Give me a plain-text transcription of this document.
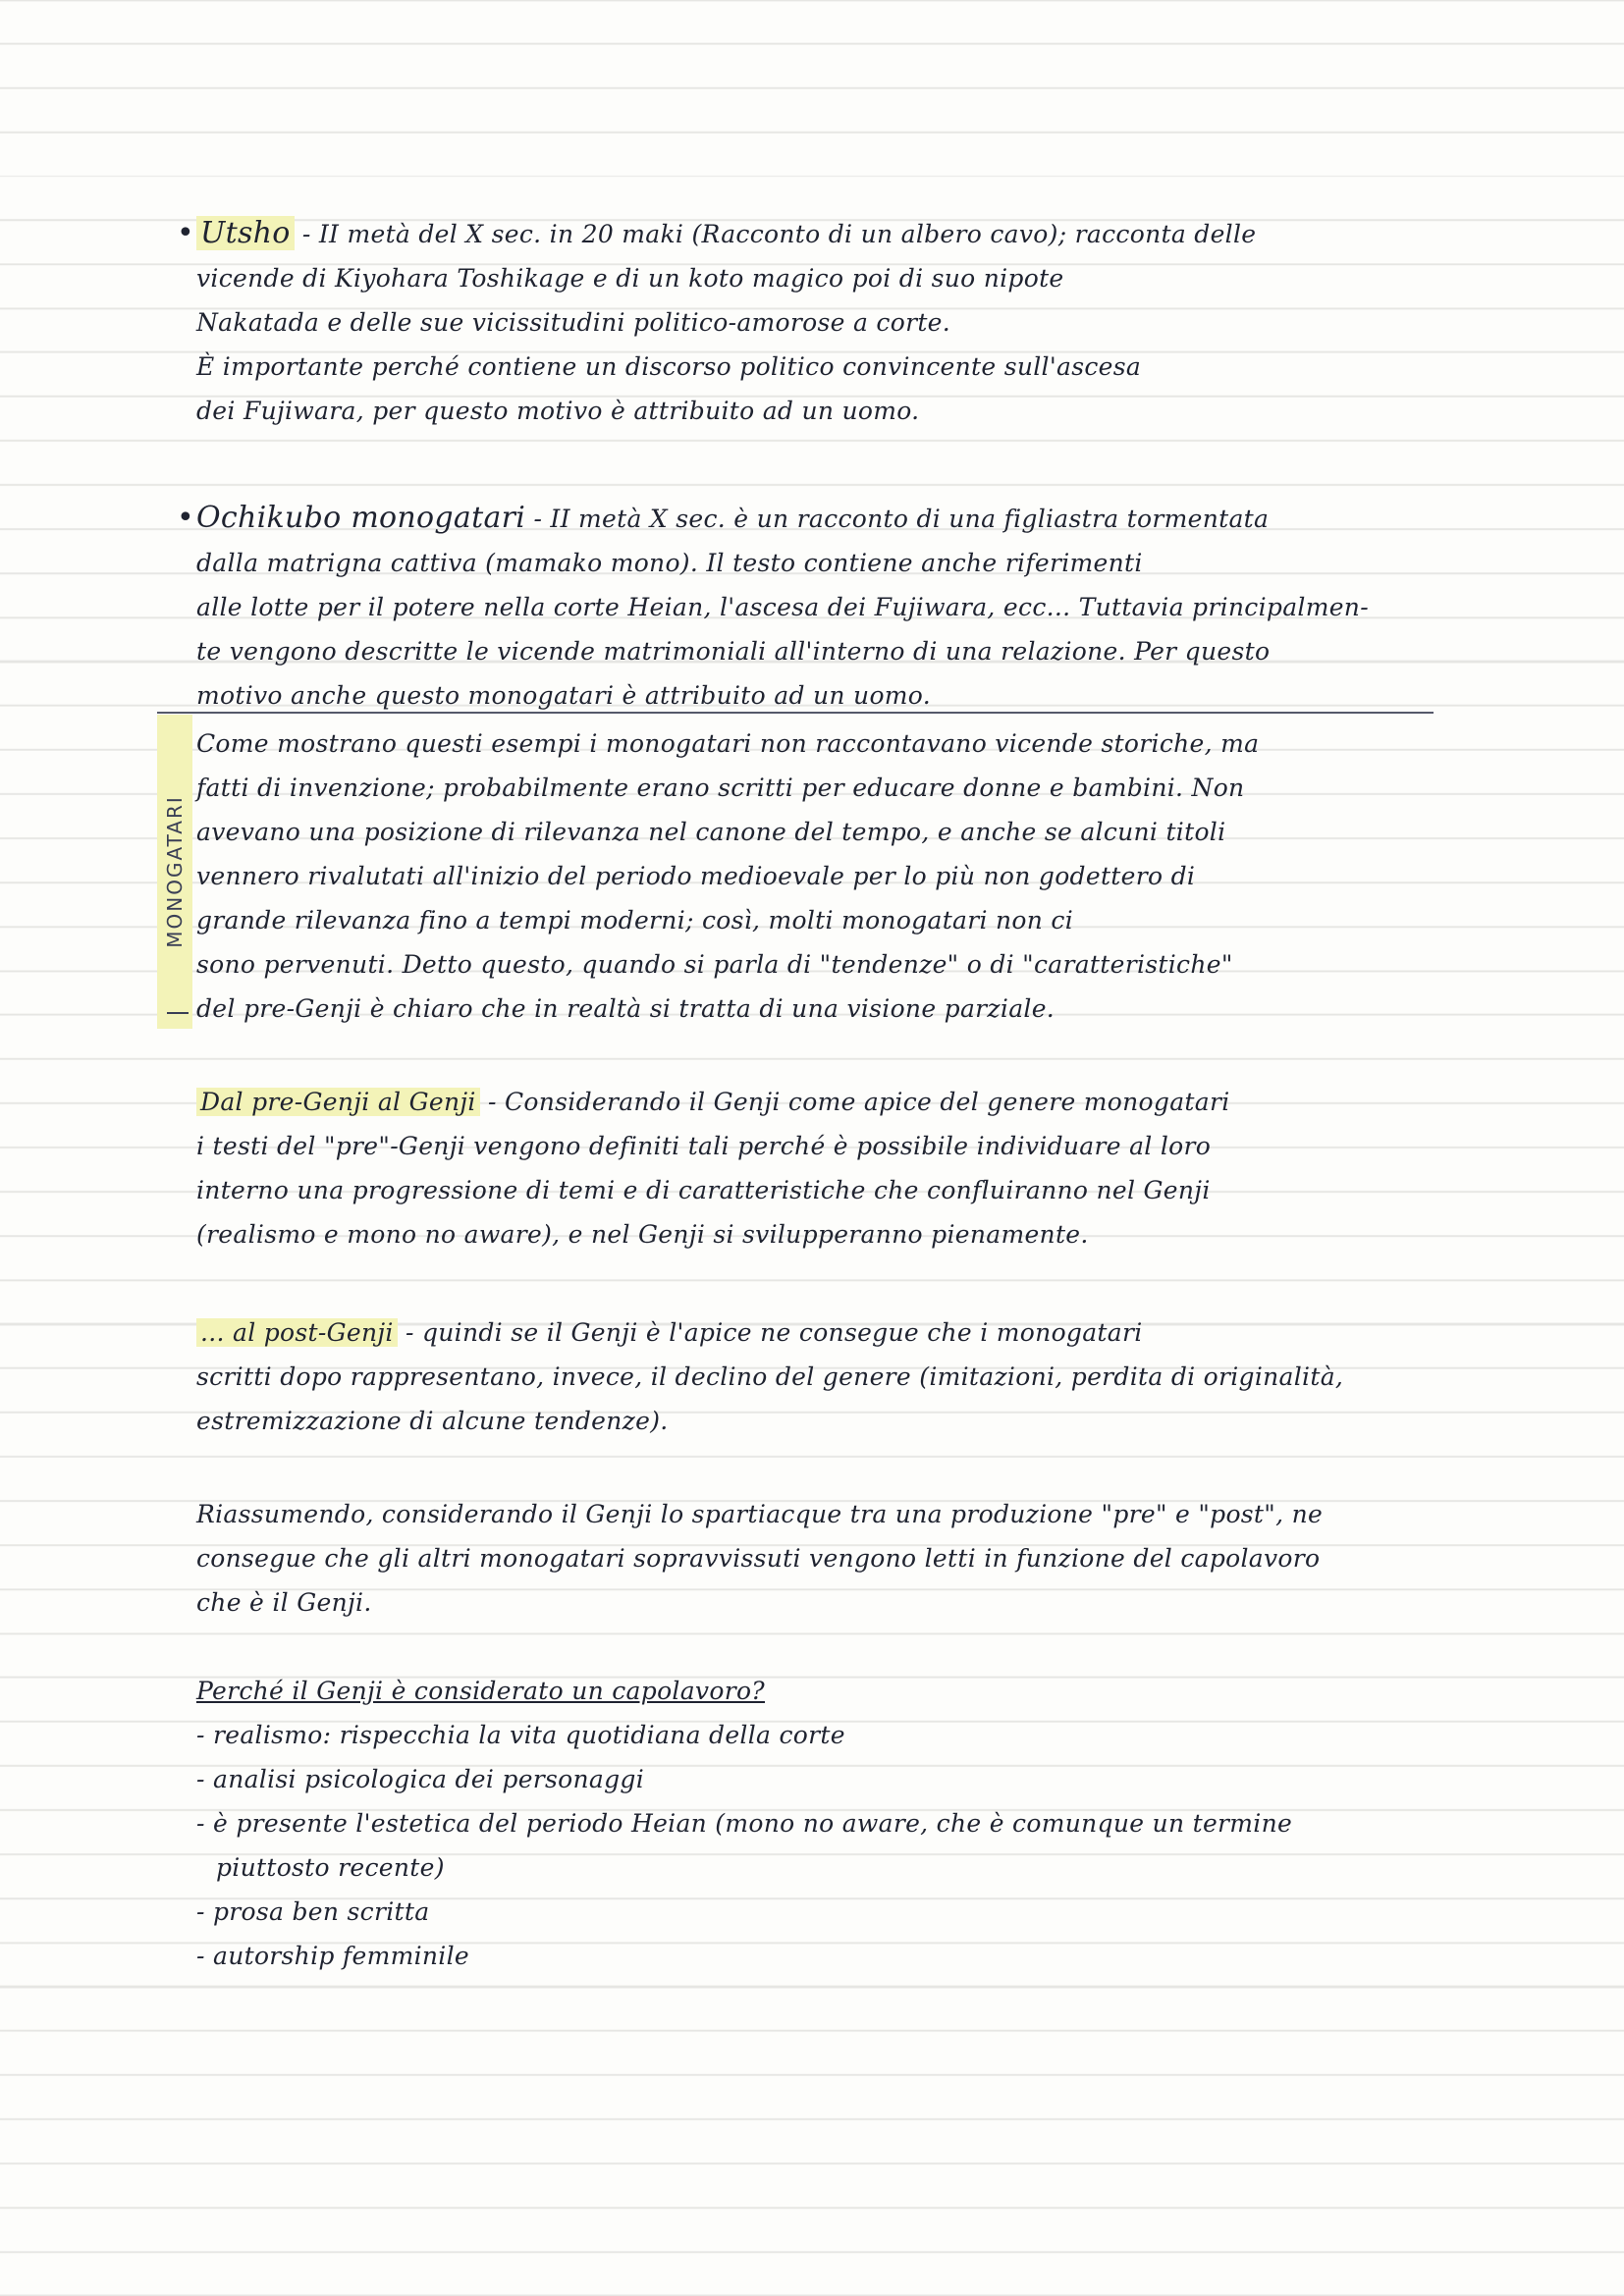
• Utsho - II metà del X sec. in 20 maki (Racconto di un albero cavo); racconta delle
vicende di Kiyohara Toshikage e di un koto magico poi di suo nipote
Nakatada e delle sue vicissitudini politico-amorose a corte.
È importante perché contiene un discorso politico convincente sull'ascesa
dei Fujiwara, per questo motivo è attribuito ad un uomo.
• Ochikubo monogatari - II metà X sec. è un racconto di una figliastra tormentata
dalla matrigna cattiva (mamako mono). Il testo contiene anche riferimenti
alle lotte per il potere nella corte Heian, l'ascesa dei Fujiwara, ecc... Tuttavia principalmen-
te vengono descritte le vicende matrimoniali all'interno di una relazione. Per questo
motivo anche questo monogatari è attribuito ad un uomo.
MONOGATARI
Come mostrano questi esempi i monogatari non raccontavano vicende storiche, ma
fatti di invenzione; probabilmente erano scritti per educare donne e bambini. Non
avevano una posizione di rilevanza nel canone del tempo, e anche se alcuni titoli
vennero rivalutati all'inizio del periodo medioevale per lo più non godettero di
grande rilevanza fino a tempi moderni; così, molti monogatari non ci
sono pervenuti. Detto questo, quando si parla di "tendenze" o di "caratteristiche"
del pre-Genji è chiaro che in realtà si tratta di una visione parziale.
Dal pre-Genji al Genji - Considerando il Genji come apice del genere monogatari
i testi del "pre"-Genji vengono definiti tali perché è possibile individuare al loro
interno una progressione di temi e di caratteristiche che confluiranno nel Genji
(realismo e mono no aware), e nel Genji si svilupperanno pienamente.
... al post-Genji - quindi se il Genji è l'apice ne consegue che i monogatari
scritti dopo rappresentano, invece, il declino del genere (imitazioni, perdita di originalità,
estremizzazione di alcune tendenze).
Riassumendo, considerando il Genji lo spartiacque tra una produzione "pre" e "post", ne
consegue che gli altri monogatari sopravvissuti vengono letti in funzione del capolavoro
che è il Genji.
Perché il Genji è considerato un capolavoro?
- realismo: rispecchia la vita quotidiana della corte
- analisi psicologica dei personaggi
- è presente l'estetica del periodo Heian (mono no aware, che è comunque un termine
piuttosto recente)
- prosa ben scritta
- autorship femminile
